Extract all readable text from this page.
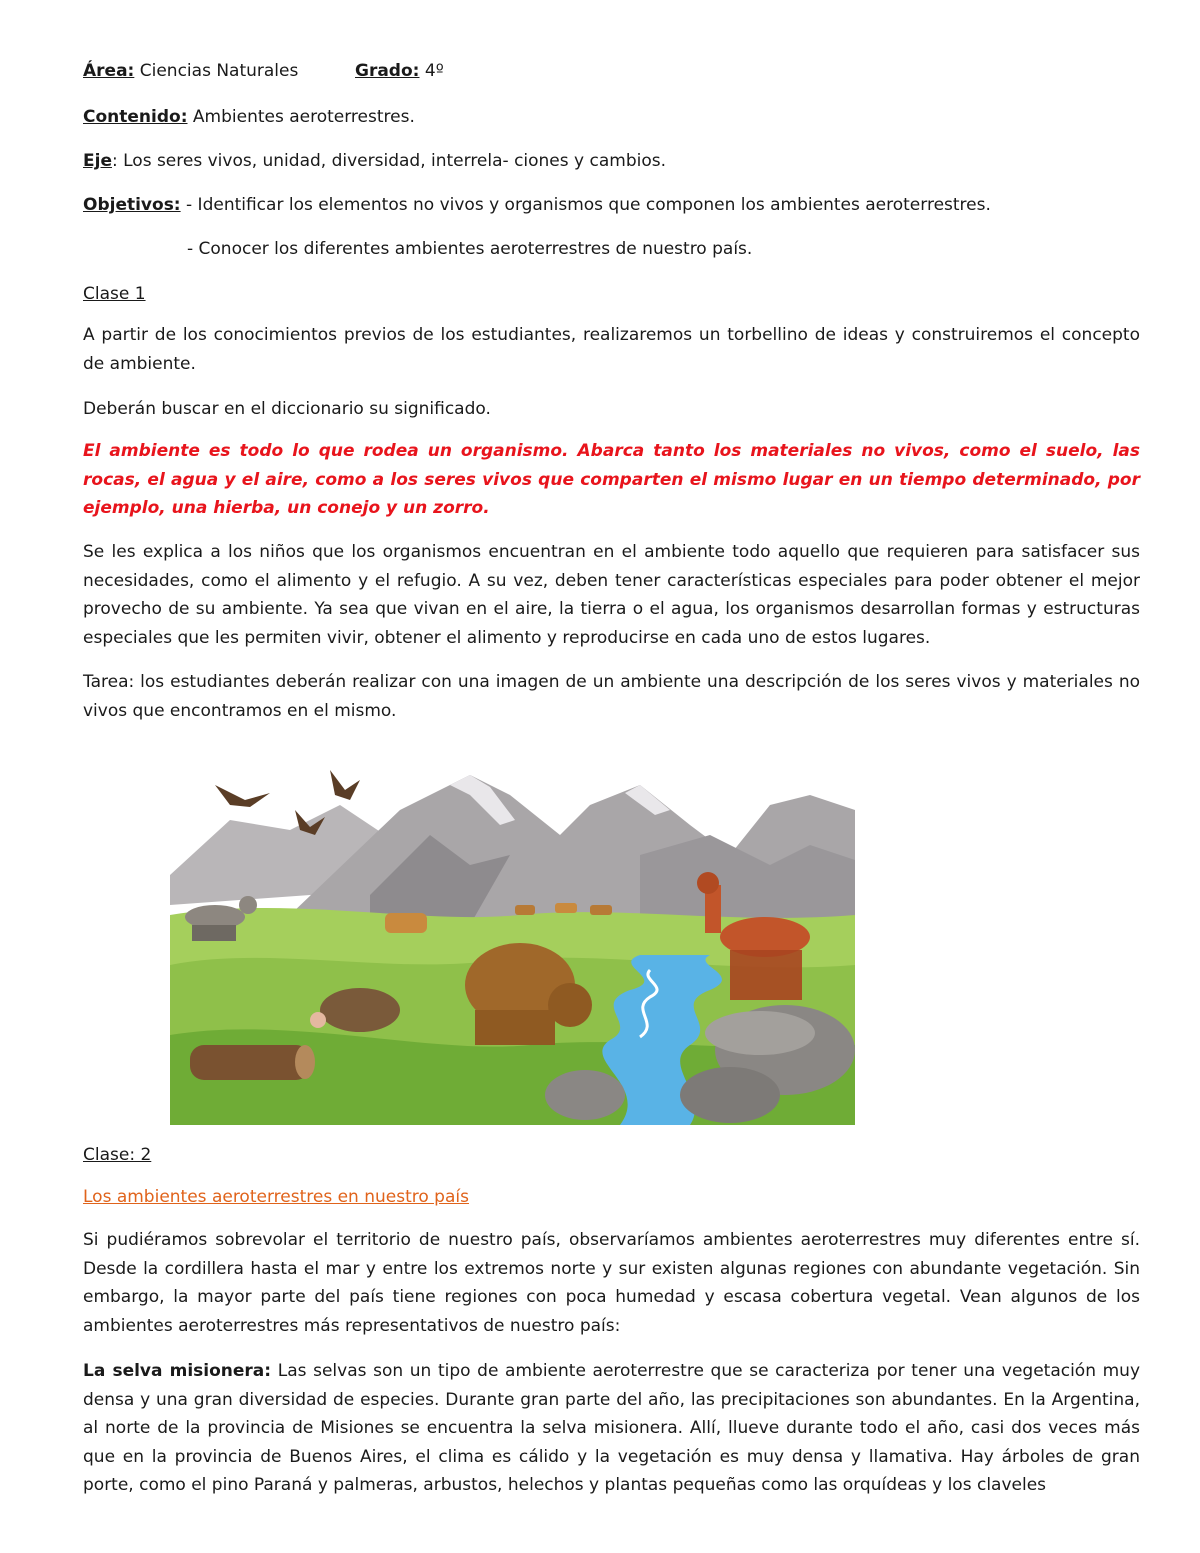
Área: Ciencias Naturales	Grado: 4º
Contenido: Ambientes aeroterrestres.
Eje: Los seres vivos, unidad, diversidad, interrela- ciones y cambios.
Objetivos: - Identificar los elementos no vivos y organismos que componen los ambientes aeroterrestres.
- Conocer los diferentes ambientes aeroterrestres de nuestro país.
Clase 1
A partir de los conocimientos previos de los estudiantes, realizaremos un torbellino de ideas y construiremos el concepto de ambiente.
Deberán buscar en el diccionario su significado.
El ambiente es todo lo que rodea un organismo. Abarca tanto los materiales no vivos, como el suelo, las rocas, el agua y el aire, como a los seres vivos que comparten el mismo lugar en un tiempo determinado, por ejemplo, una hierba, un conejo y un zorro.
Se les explica a los niños que los organismos encuentran en el ambiente todo aquello que requieren para satisfacer sus necesidades, como el alimento y el refugio. A su vez, deben tener características especiales para poder obtener el mejor provecho de su ambiente. Ya sea que vivan en el aire, la tierra o el agua, los organismos desarrollan formas y estructuras especiales que les permiten vivir, obtener el alimento y reproducirse en cada uno de estos lugares.
Tarea: los estudiantes deberán realizar con una imagen de un ambiente una descripción de los seres vivos y materiales no vivos que encontramos en el mismo.
Clase: 2
Los ambientes aeroterrestres en nuestro país
Si pudiéramos sobrevolar el territorio de nuestro país, observaríamos ambientes aeroterrestres muy diferentes entre sí. Desde la cordillera hasta el mar y entre los extremos norte y sur existen algunas regiones con abundante vegetación. Sin embargo, la mayor parte del país tiene regiones con poca humedad y escasa cobertura vegetal. Vean algunos de los ambientes aeroterrestres más representativos de nuestro país:
La selva misionera: Las selvas son un tipo de ambiente aeroterrestre que se caracteriza por tener una vegetación muy densa y una gran diversidad de especies. Durante gran parte del año, las precipitaciones son abundantes. En la Argentina, al norte de la provincia de Misiones se encuentra la selva misionera. Allí, llueve durante todo el año, casi dos veces más que en la provincia de Buenos Aires, el clima es cálido y la vegetación es muy densa y llamativa. Hay árboles de gran porte, como el pino Paraná y palmeras, arbustos, helechos y plantas pequeñas como las orquídeas y los claveles
